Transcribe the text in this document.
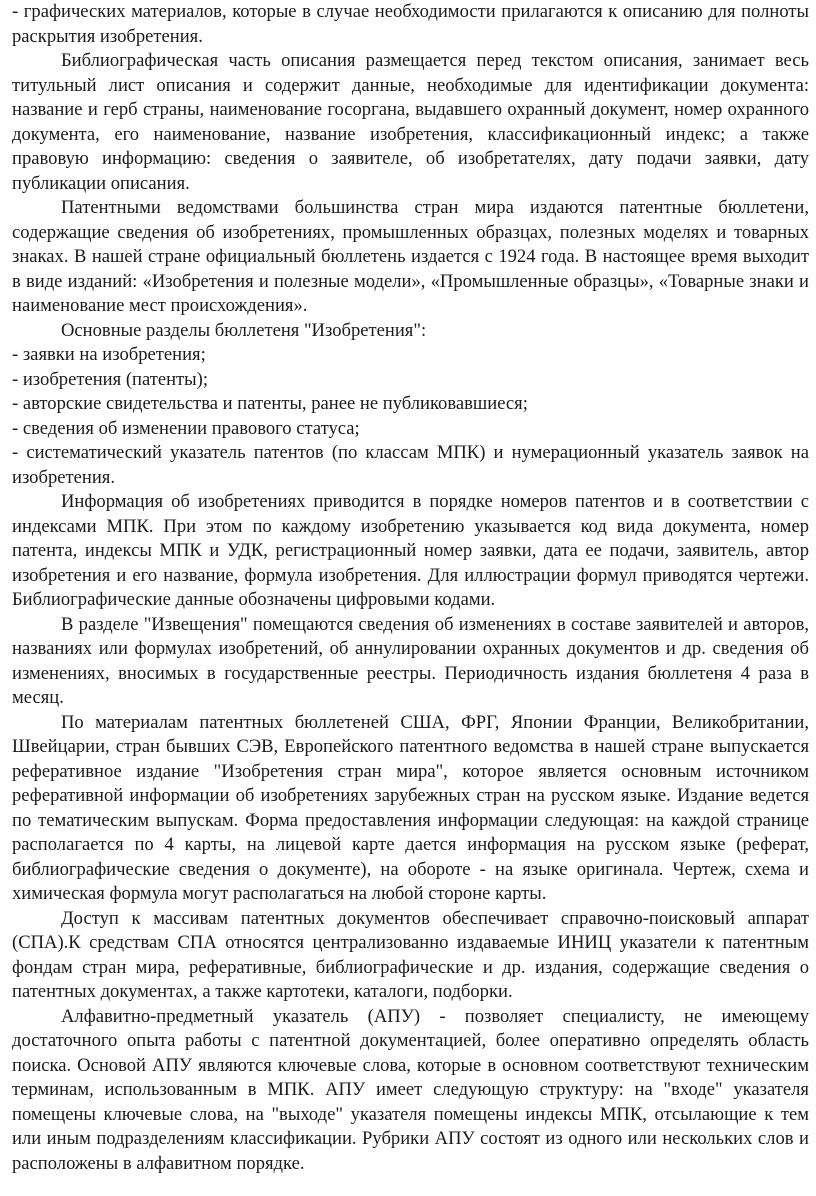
- графических материалов, которые в случае необходимости прилагаются к описанию для полноты раскрытия изобретения.

Библиографическая часть описания размещается перед текстом описания, занимает весь титульный лист описания и содержит данные, необходимые для идентификации документа: название и герб страны, наименование госоргана, выдавшего охранный документ, номер охранного документа, его наименование, название изобретения, классификационный индекс; а также правовую информацию: сведения о заявителе, об изобретателях, дату подачи заявки, дату публикации описания.

Патентными ведомствами большинства стран мира издаются патентные бюллетени, содержащие сведения об изобретениях, промышленных образцах, полезных моделях и товарных знаках. В нашей стране официальный бюллетень издается с 1924 года. В настоящее время выходит в виде изданий: «Изобретения и полезные модели», «Промышленные образцы», «Товарные знаки и наименование мест происхождения».

Основные разделы бюллетеня "Изобретения":

- заявки на изобретения;

- изобретения (патенты);

- авторские свидетельства и патенты, ранее не публиковавшиеся;

- сведения об изменении правового статуса;

- систематический указатель патентов (по классам МПК) и нумерационный указатель заявок на изобретения.

Информация об изобретениях приводится в порядке номеров патентов и в соответствии с индексами МПК. При этом по каждому изобретению указывается код вида документа, номер патента, индексы МПК и УДК, регистрационный номер заявки, дата ее подачи, заявитель, автор изобретения и его название, формула изобретения. Для иллюстрации формул приводятся чертежи. Библиографические данные обозначены цифровыми кодами.

В разделе "Извещения" помещаются сведения об изменениях в составе заявителей и авторов, названиях или формулах изобретений, об аннулировании охранных документов и др. сведения об изменениях, вносимых в государственные реестры. Периодичность издания бюллетеня 4 раза в месяц.

По материалам патентных бюллетеней США, ФРГ, Японии Франции, Великобритании, Швейцарии, стран бывших СЭВ, Европейского патентного ведомства в нашей стране выпускается реферативное издание "Изобретения стран мира", которое является основным источником реферативной информации об изобретениях зарубежных стран на русском языке. Издание ведется по тематическим выпускам. Форма предоставления информации следующая: на каждой странице располагается по 4 карты, на лицевой карте дается информация на русском языке (реферат, библиографические сведения о документе), на обороте - на языке оригинала. Чертеж, схема и химическая формула могут располагаться на любой стороне карты.

Доступ к массивам патентных документов обеспечивает справочно-поисковый аппарат (СПА).К средствам СПА относятся централизованно издаваемые ИНИЦ указатели к патентным фондам стран мира, реферативные, библиографические и др. издания, содержащие сведения о патентных документах, а также картотеки, каталоги, подборки.

Алфавитно-предметный указатель (АПУ) - позволяет специалисту, не имеющему достаточного опыта работы с патентной документацией, более оперативно определять область поиска. Основой АПУ являются ключевые слова, которые в основном соответствуют техническим терминам, использованным в МПК. АПУ имеет следующую структуру: на "входе" указателя помещены ключевые слова, на "выходе" указателя помещены индексы МПК, отсылающие к тем или иным подразделениям классификации. Рубрики АПУ состоят из одного или нескольких слов и расположены в алфавитном порядке.
